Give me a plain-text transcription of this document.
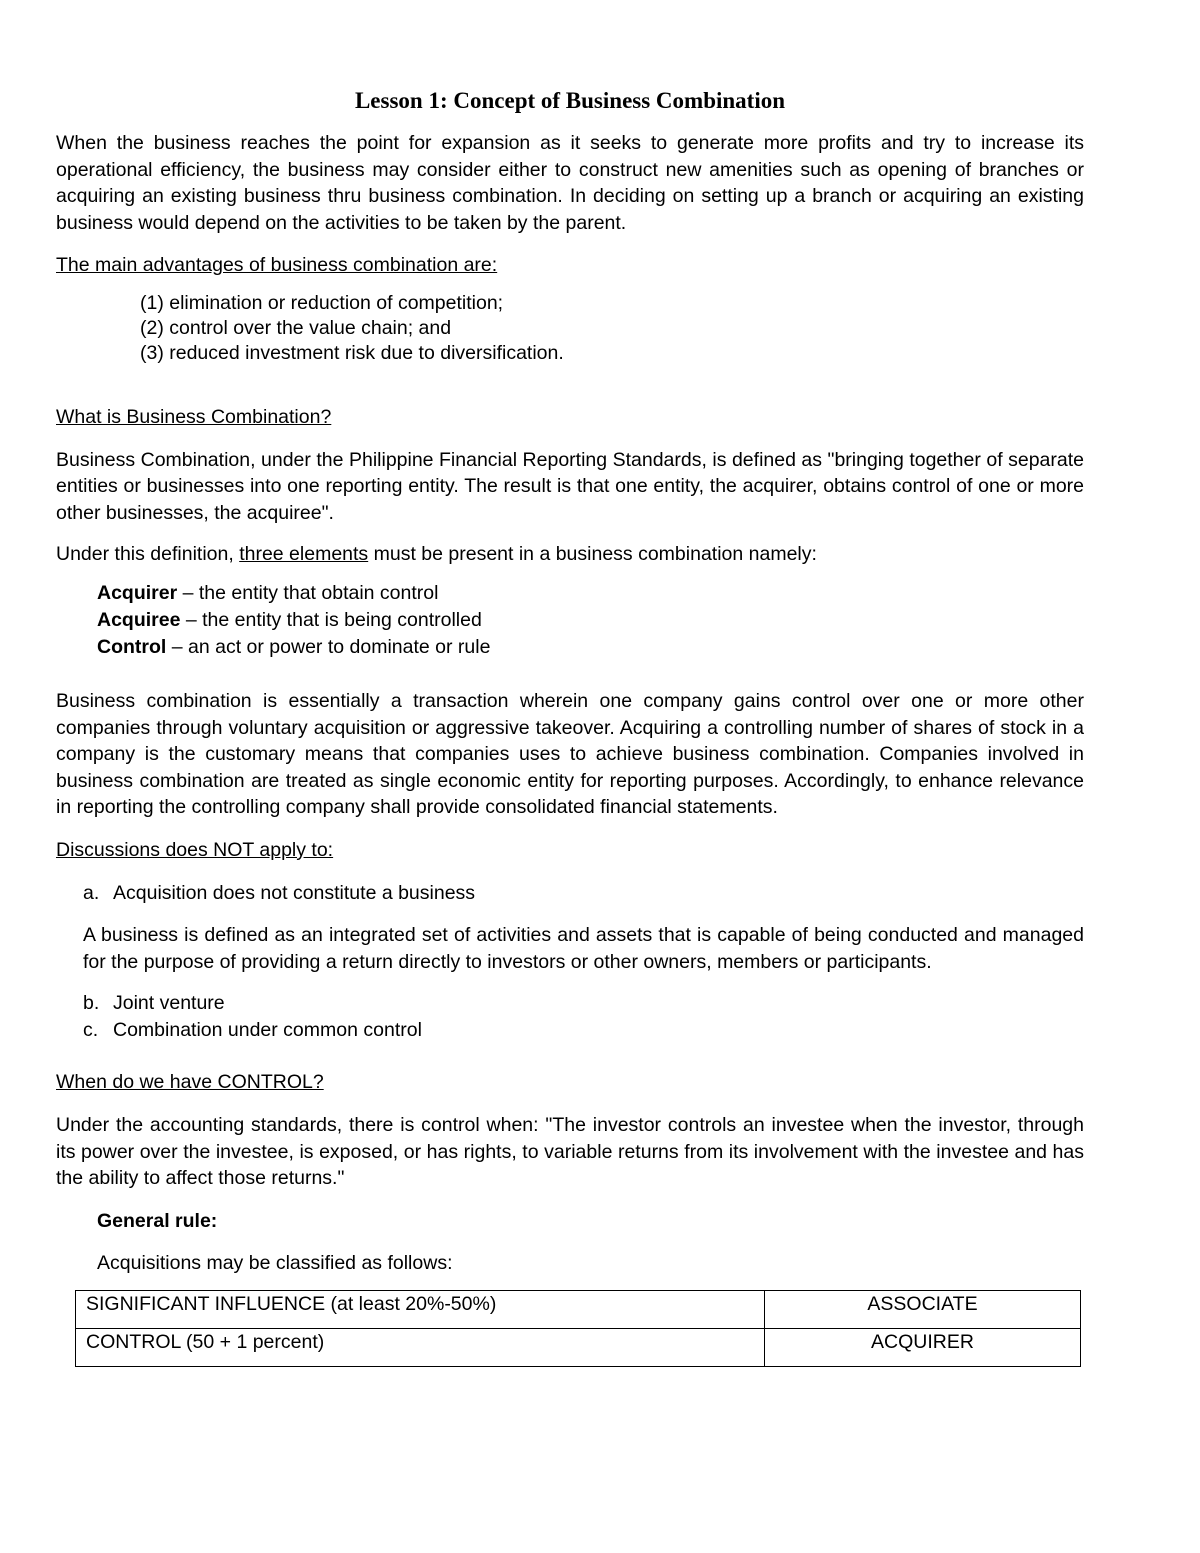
Lesson 1: Concept of Business Combination

When the business reaches the point for expansion as it seeks to generate more profits and try to increase its operational efficiency, the business may consider either to construct new amenities such as opening of branches or acquiring an existing business thru business combination. In deciding on setting up a branch or acquiring an existing business would depend on the activities to be taken by the parent.

The main advantages of business combination are:

(1) elimination or reduction of competition;
(2) control over the value chain; and
(3) reduced investment risk due to diversification.

What is Business Combination?

Business Combination, under the Philippine Financial Reporting Standards, is defined as "bringing together of separate entities or businesses into one reporting entity. The result is that one entity, the acquirer, obtains control of one or more other businesses, the acquiree".

Under this definition, three elements must be present in a business combination namely:

Acquirer – the entity that obtain control
Acquiree – the entity that is being controlled
Control – an act or power to dominate or rule

Business combination is essentially a transaction wherein one company gains control over one or more other companies through voluntary acquisition or aggressive takeover. Acquiring a controlling number of shares of stock in a company is the customary means that companies uses to achieve business combination. Companies involved in business combination are treated as single economic entity for reporting purposes. Accordingly, to enhance relevance in reporting the controlling company shall provide consolidated financial statements.

Discussions does NOT apply to:

a. Acquisition does not constitute a business

A business is defined as an integrated set of activities and assets that is capable of being conducted and managed for the purpose of providing a return directly to investors or other owners, members or participants.

b. Joint venture

c. Combination under common control

When do we have CONTROL?

Under the accounting standards, there is control when: "The investor controls an investee when the investor, through its power over the investee, is exposed, or has rights, to variable returns from its involvement with the investee and has the ability to affect those returns."

General rule:

Acquisitions may be classified as follows:

SIGNIFICANT INFLUENCE (at least 20%-50%)	ASSOCIATE
CONTROL (50 + 1 percent)	ACQUIRER
